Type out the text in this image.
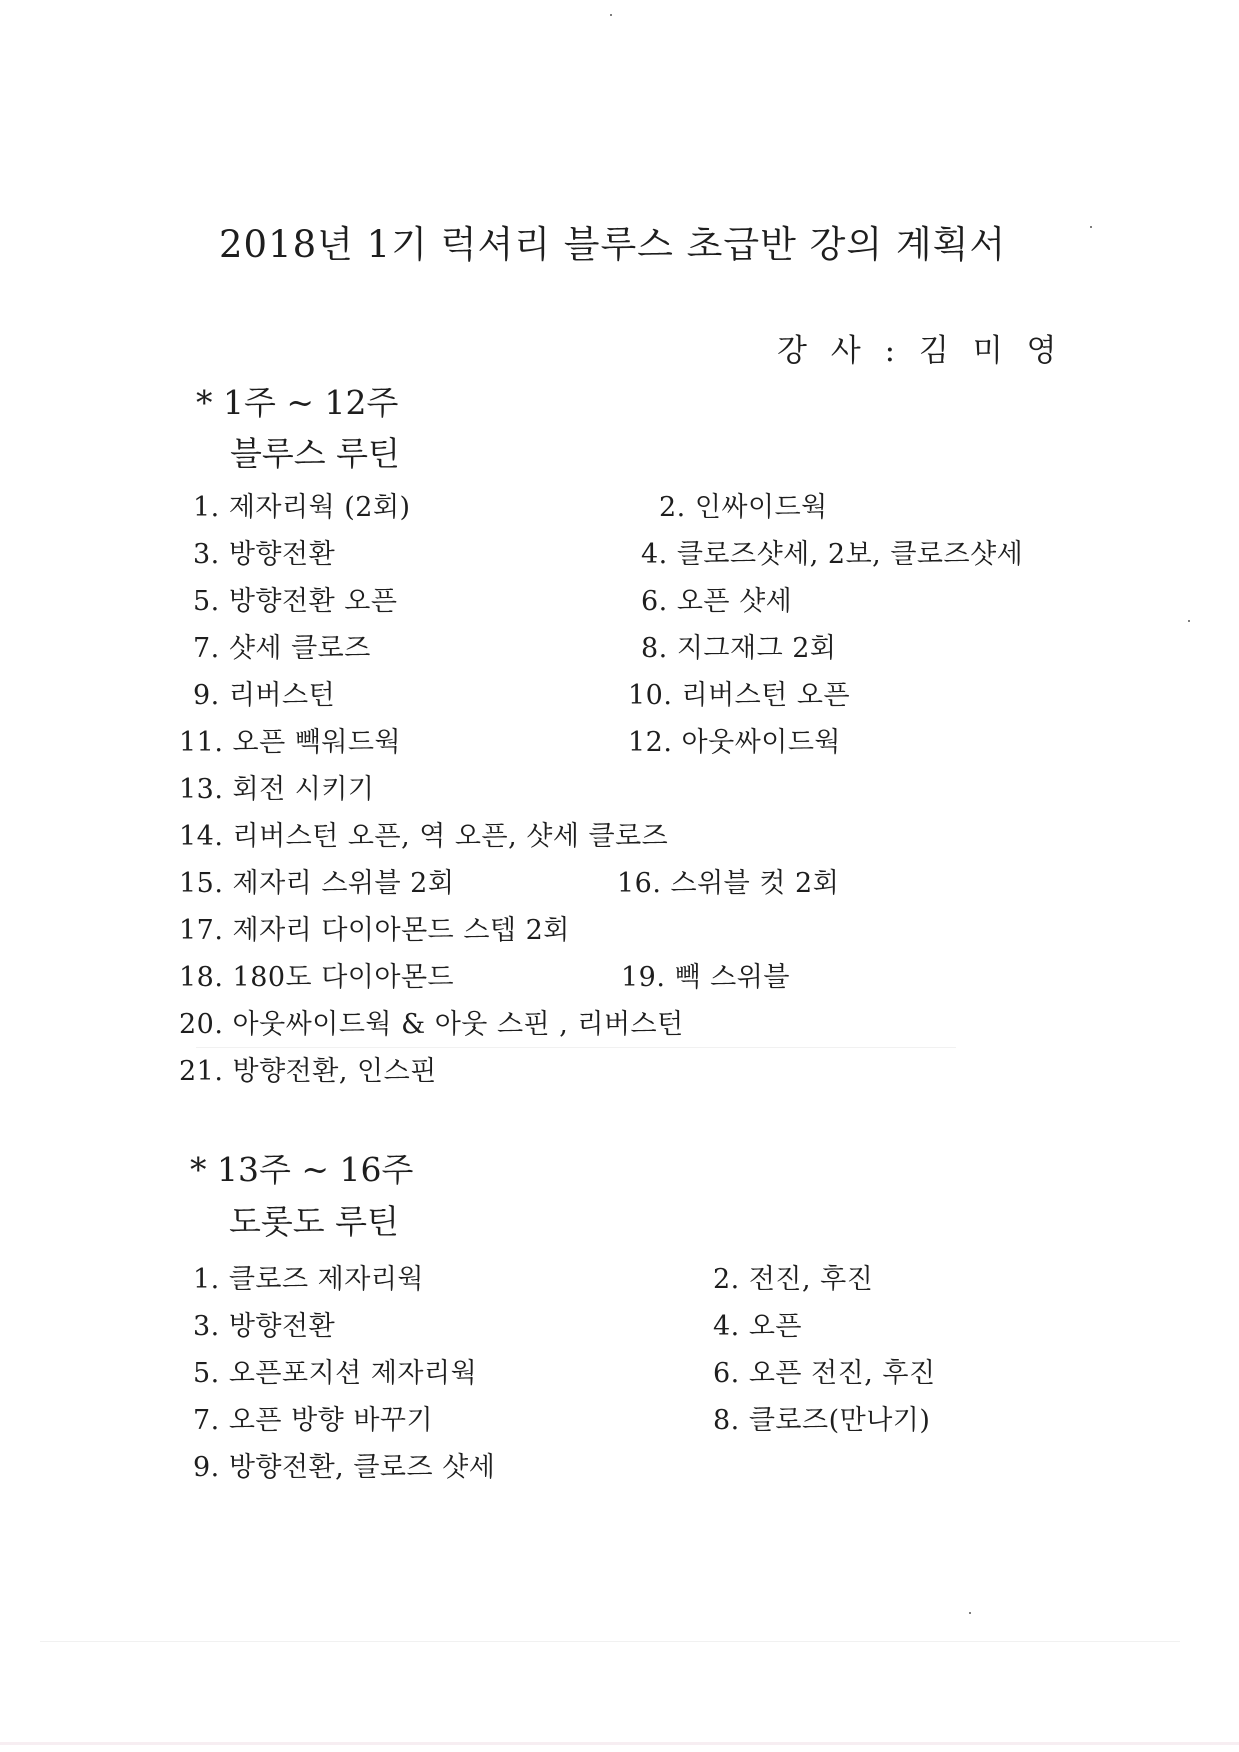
2018년 1기 럭셔리 블루스 초급반 강의 계획서
강 사 : 김 미 영
* 1주 ~ 12주
블루스 루틴
1. 제자리웍 (2회)	2. 인싸이드웍
3. 방향전환	4. 클로즈샷세, 2보, 클로즈샷세
5. 방향전환 오픈	6. 오픈 샷세
7. 샷세 클로즈	8. 지그재그 2회
9. 리버스턴	10. 리버스턴 오픈
11. 오픈 빽워드웍	12. 아웃싸이드웍
13. 회전 시키기
14. 리버스턴 오픈, 역 오픈, 샷세 클로즈
15. 제자리 스위블 2회	16. 스위블 컷 2회
17. 제자리 다이아몬드 스텝 2회
18. 180도 다이아몬드	19. 빽 스위블
20. 아웃싸이드웍 & 아웃 스핀 , 리버스턴
21. 방향전환, 인스핀
* 13주 ~ 16주
도롯도 루틴
1. 클로즈 제자리웍	2. 전진, 후진
3. 방향전환	4. 오픈
5. 오픈포지션 제자리웍	6. 오픈 전진, 후진
7. 오픈 방향 바꾸기	8. 클로즈(만나기)
9. 방향전환, 클로즈 샷세
